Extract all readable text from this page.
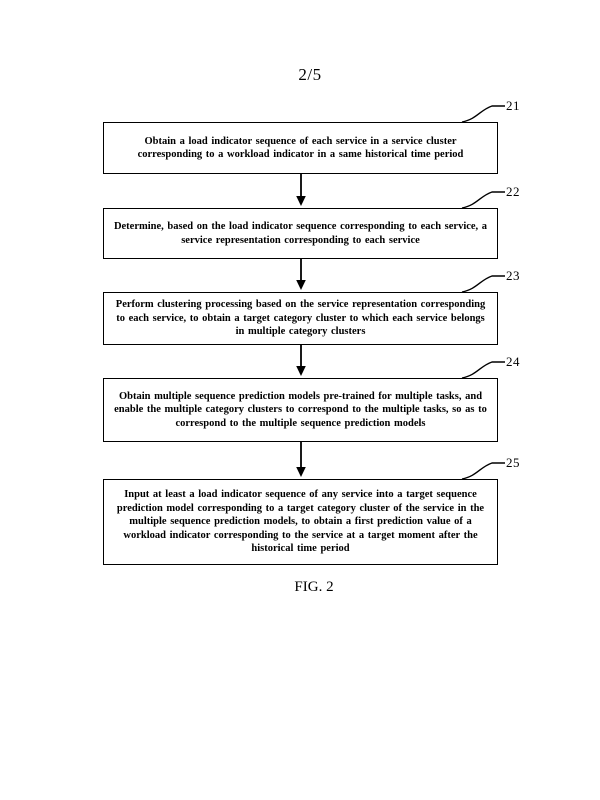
2/5
Obtain a load indicator sequence of each service in a service cluster corresponding to a workload indicator in a same historical time period
21
Determine, based on the load indicator sequence corresponding to each service, a service representation corresponding to each service
22
Perform clustering processing based on the service representation corresponding to each service, to obtain a target category cluster to which each service belongs in multiple category clusters
23
Obtain multiple sequence prediction models pre-trained for multiple tasks, and enable the multiple category clusters to correspond to the multiple tasks, so as to correspond to the multiple sequence prediction models
24
Input at least a load indicator sequence of any service into a target sequence prediction model corresponding to a target category cluster of the service in the multiple sequence prediction models, to obtain a first prediction value of a workload indicator corresponding to the service at a target moment after the historical time period
25
FIG. 2
